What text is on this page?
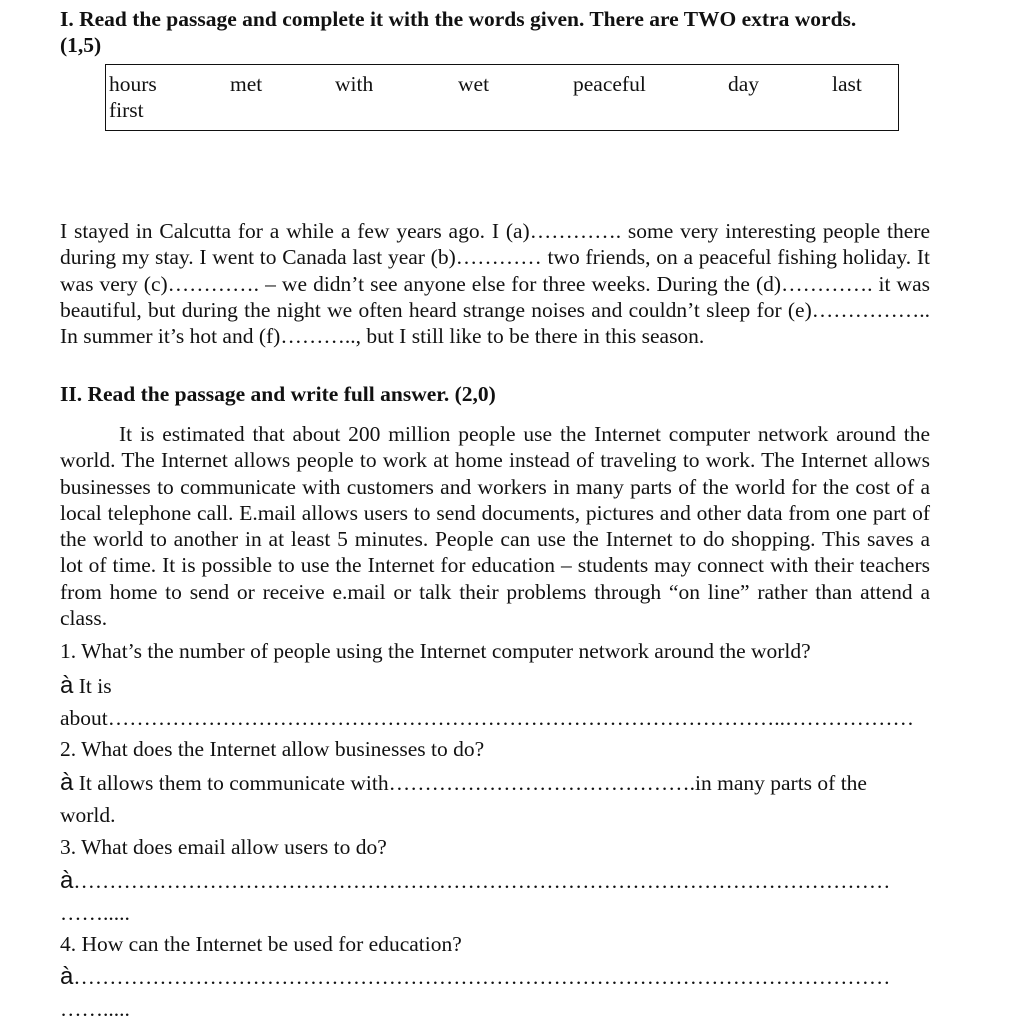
I. Read the passage and complete it with the words given. There are TWO extra words.
(1,5)
hours	met	with	wet	peaceful	day	last
first
I stayed in Calcutta for a while a few years ago. I (a)…………. some very interesting people there during my stay. I went to Canada last year (b)………… two friends, on a peaceful fishing holiday. It was very (c)…………. – we didn’t see anyone else for three weeks. During the (d)…………. it was beautiful, but during the night we often heard strange noises and couldn’t sleep for (e)…………….. In summer it’s hot and (f)……….., but I still like to be there in this season.
II. Read the passage and write full answer. (2,0)
It is estimated that about 200 million people use the Internet computer network around the world. The Internet allows people to work at home instead of traveling to work. The Internet allows businesses to communicate with customers and workers in many parts of the world for the cost of a local telephone call. E.mail allows users to send documents, pictures and other data from one part of the world to another in at least 5 minutes. People can use the Internet to do shopping. This saves a lot of time. It is possible to use the Internet for education – students may connect with their teachers from home to send or receive e.mail or talk their problems through “on line” rather than attend a class.
1. What’s the number of people using the Internet computer network around the world?
à It is
about…………………………………………………………………………………..………………
2. What does the Internet allow businesses to do?
à It allows them to communicate with…………………………………….in many parts of the
world.
3. What does email allow users to do?
à……………………………………………………………………………………………………
…….....
4. How can the Internet be used for education?
à……………………………………………………………………………………………………
…….....
